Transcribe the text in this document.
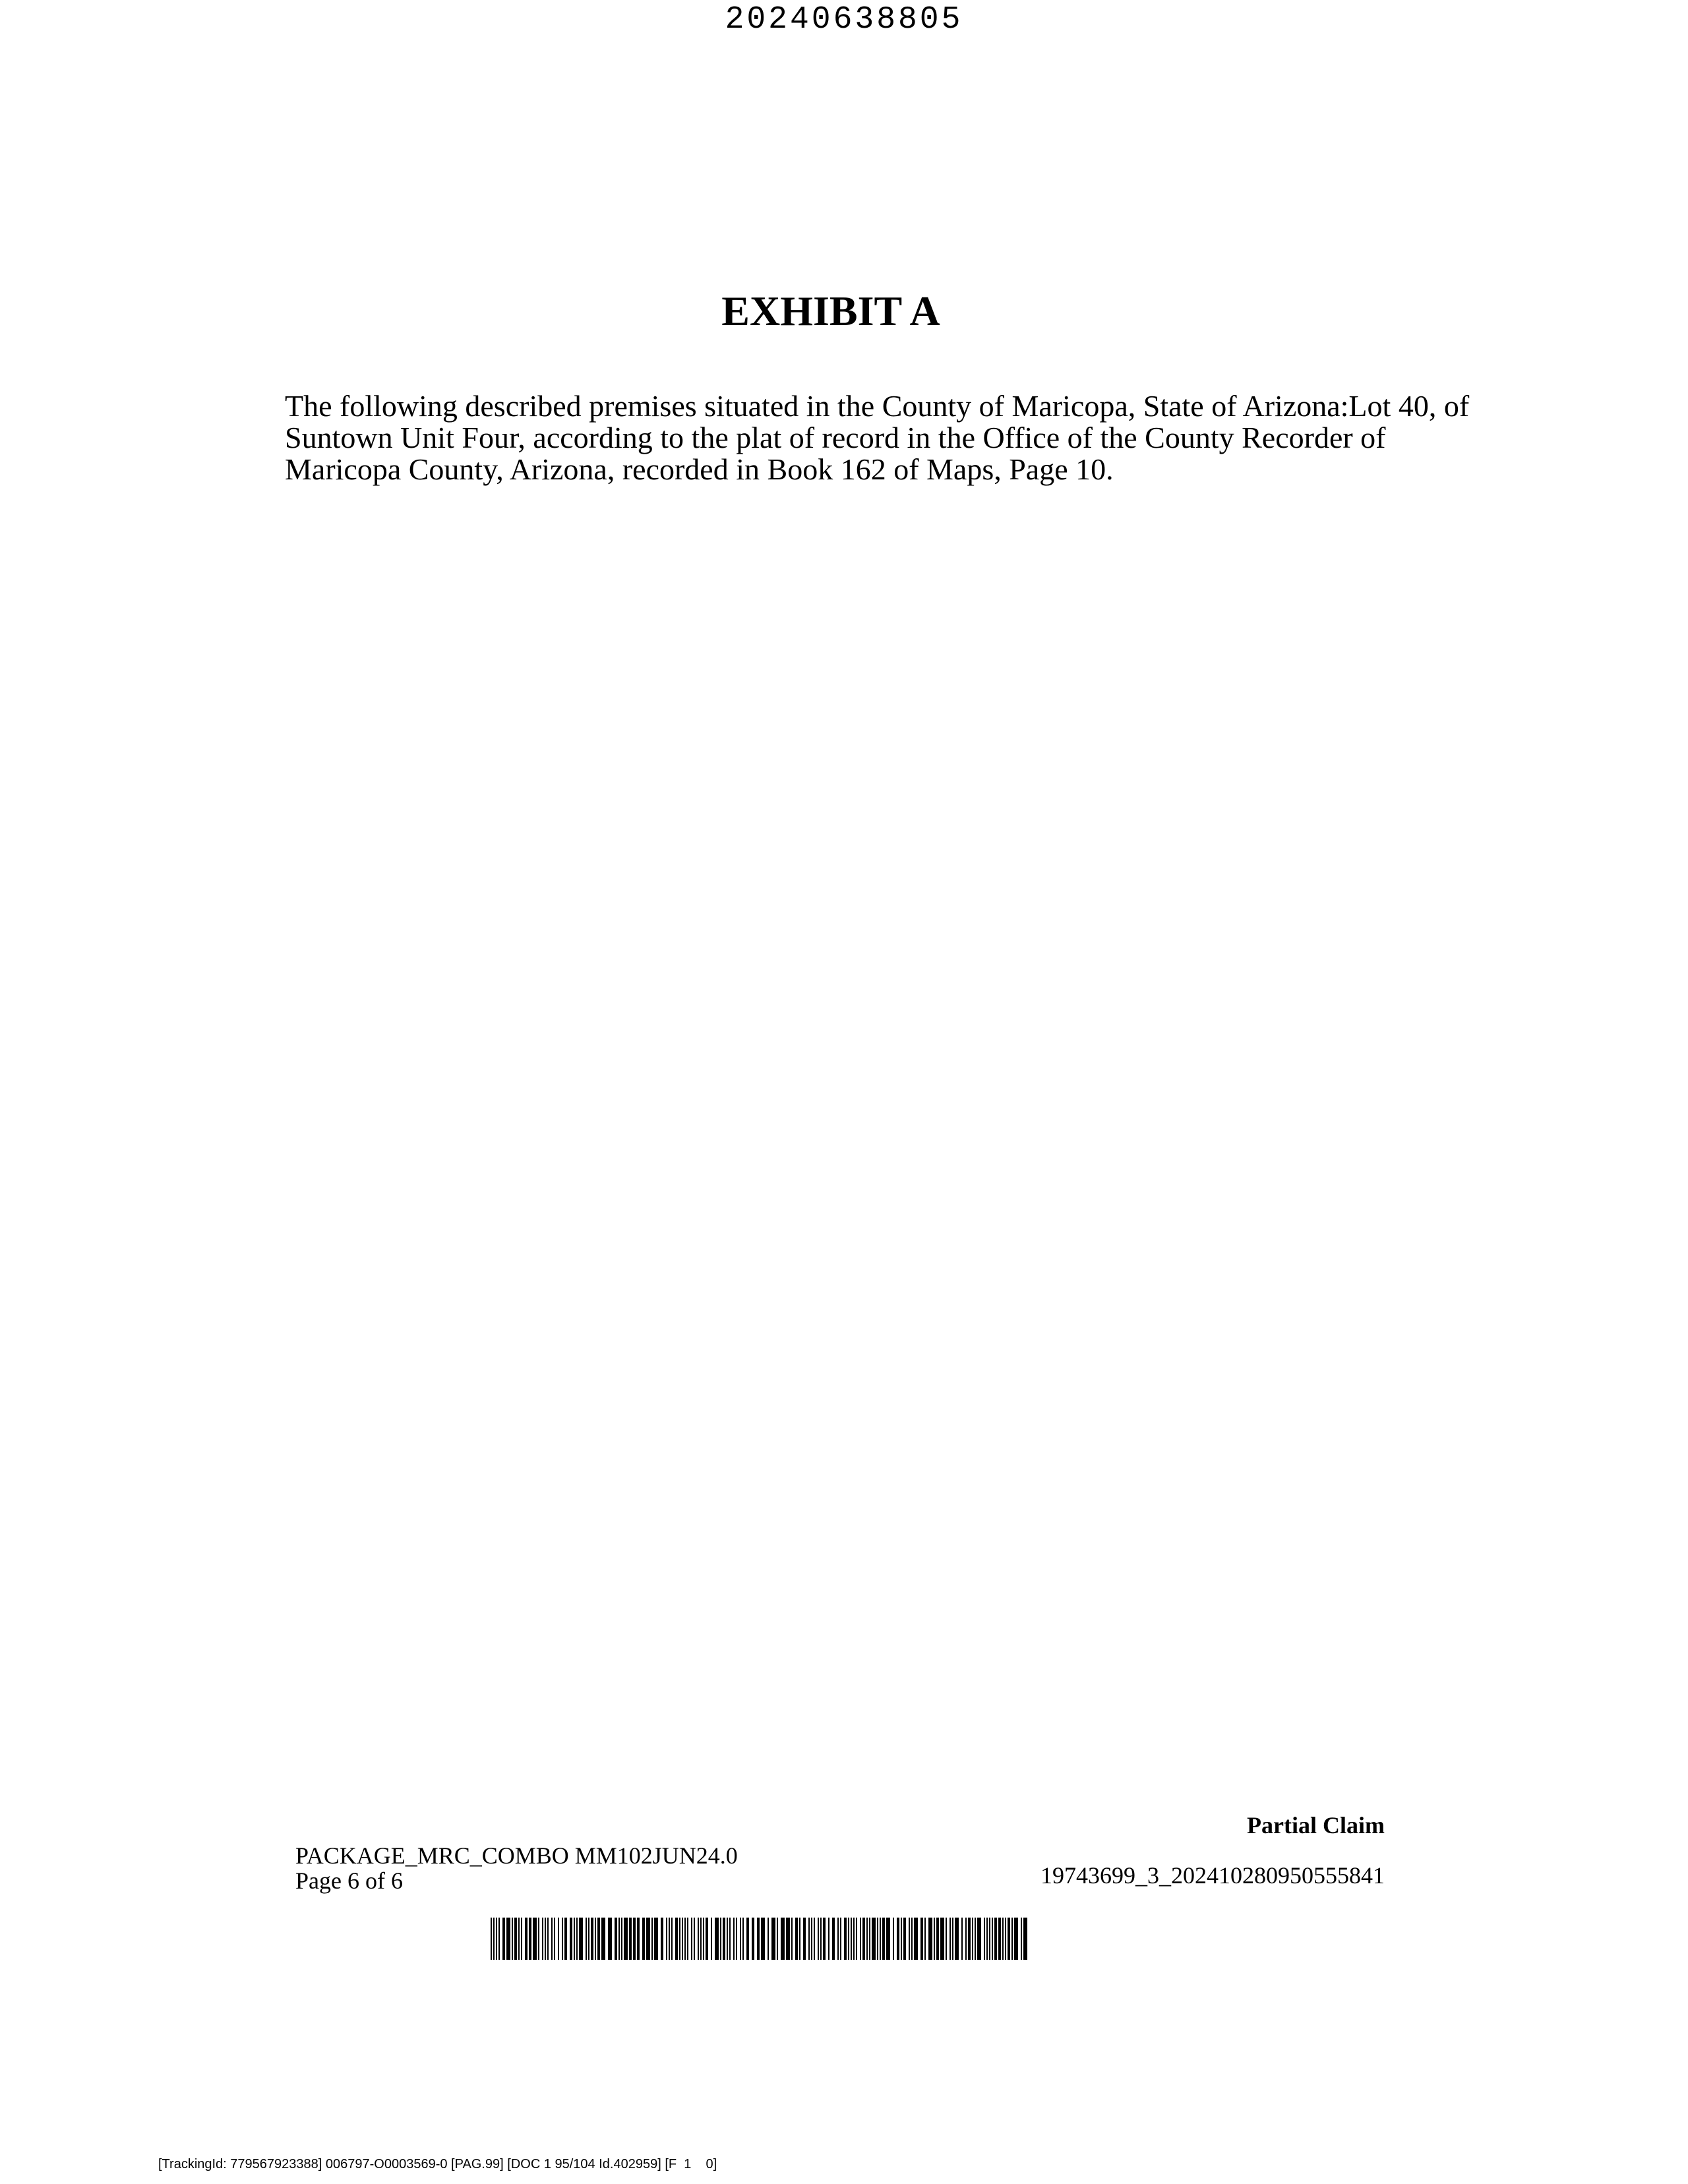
20240638805
EXHIBIT A
The following described premises situated in the County of Maricopa, State of Arizona:Lot 40, of
Suntown Unit Four, according to the plat of record in the Office of the County Recorder of
Maricopa County, Arizona, recorded in Book 162 of Maps, Page 10.
Partial Claim
PACKAGE_MRC_COMBO MM102JUN24.0
Page 6 of 6	19743699_3_202410280950555841
[TrackingId: 779567923388] 006797-O0003569-0 [PAG.99] [DOC 1 95/104 Id.402959] [F  1    0]
